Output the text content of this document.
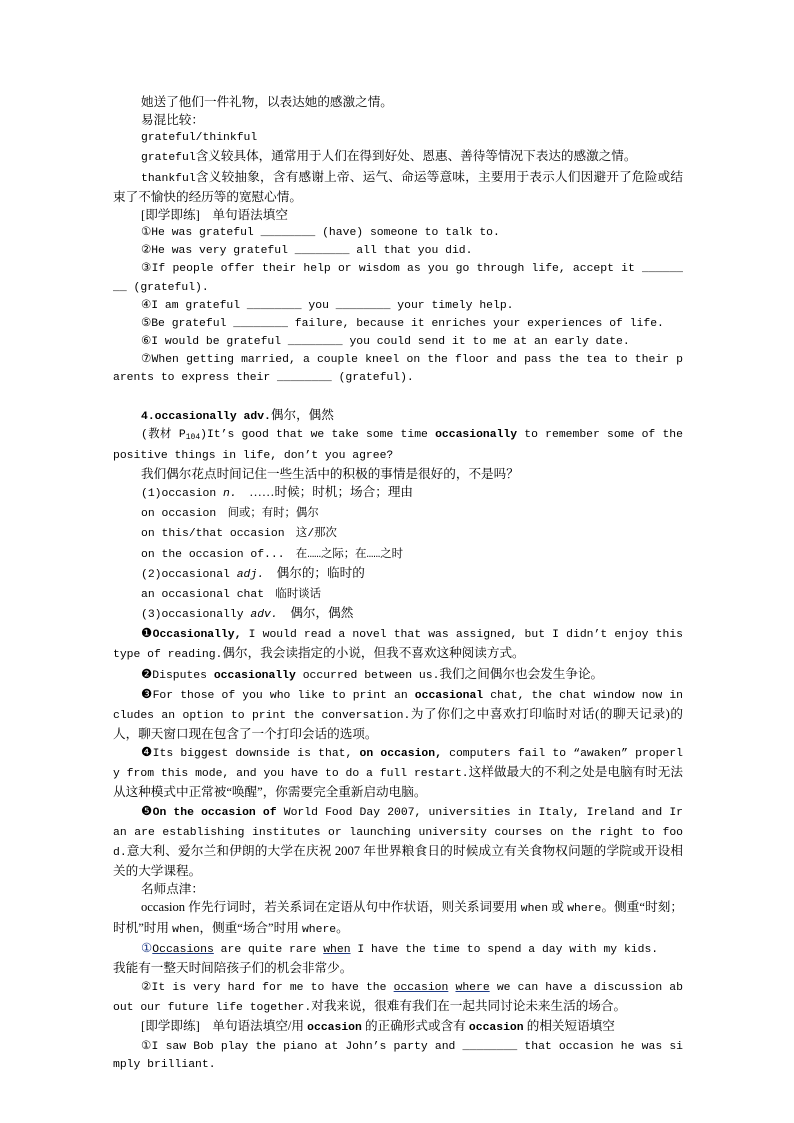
她送了他们一件礼物，以表达她的感激之情。
易混比较：
grateful/thinkful
grateful含义较具体，通常用于人们在得到好处、恩惠、善待等情况下表达的感激之情。
thankful含义较抽象，含有感谢上帝、运气、命运等意味，主要用于表示人们因避开了危险或结束了不愉快的经历等的宽慰心情。
[即学即练]　单句语法填空
①He was grateful ________ (have) someone to talk to.
②He was very grateful ________ all that you did.
③If people offer their help or wisdom as you go through life, accept it ________ (grateful).
④I am grateful ________ you ________ your timely help.
⑤Be grateful ________ failure, because it enriches your experiences of life.
⑥I would be grateful ________ you could send it to me at an early date.
⑦When getting married, a couple kneel on the floor and pass the tea to their parents to express their ________ (grateful).
4.occasionally adv.偶尔，偶然
(教材 $P_{104})It’s$ good that we take some time occasionally to remember some of the positive things in life, don’t you agree?
我们偶尔花点时间记住一些生活中的积极的事情是很好的，不是吗？
(1)occasion n.　……时候；时机；场合；理由
on occasion　间或；有时；偶尔
on this/that occasion　这/那次
on the occasion of...　在……之际；在……之时
(2)occasional adj.　偶尔的；临时的
an occasional chat　临时谈话
(3)occasionally adv.　偶尔，偶然
❶Occasionally, I would read a novel that was assigned, but I didn’t enjoy this type of reading.偶尔，我会读指定的小说，但我不喜欢这种阅读方式。
❷Disputes occasionally occurred between us.我们之间偶尔也会发生争论。
❸For those of you who like to print an occasional chat, the chat window now includes an option to print the conversation.为了你们之中喜欢打印临时对话(的聊天记录)的人，聊天窗口现在包含了一个打印会话的选项。
❹Its biggest downside is that, on occasion, computers fail to “awaken” properly from this mode, and you have to do a full restart.这样做最大的不利之处是电脑有时无法从这种模式中正常被“唤醒”，你需要完全重新启动电脑。
❺On the occasion of World Food Day 2007, universities in Italy, Ireland and Iran are establishing institutes or launching university courses on the right to food.意大利、爱尔兰和伊朗的大学在庆祝 2007 年世界粮食日的时候成立有关食物权问题的学院或开设相关的大学课程。
名师点津：
occasion 作先行词时，若关系词在定语从句中作状语，则关系词要用 when 或 where。侧重“时刻；时机”时用 when，侧重“场合”时用 where。
①Occasions are quite rare when I have the time to spend a day with my kids.
我能有一整天时间陪孩子们的机会非常少。
②It is very hard for me to have the occasion where we can have a discussion about our future life together.对我来说，很难有我们在一起共同讨论未来生活的场合。
[即学即练]　单句语法填空/用 occasion 的正确形式或含有 occasion 的相关短语填空
①I saw Bob play the piano at John’s party and ________ that occasion he was simply brilliant.
